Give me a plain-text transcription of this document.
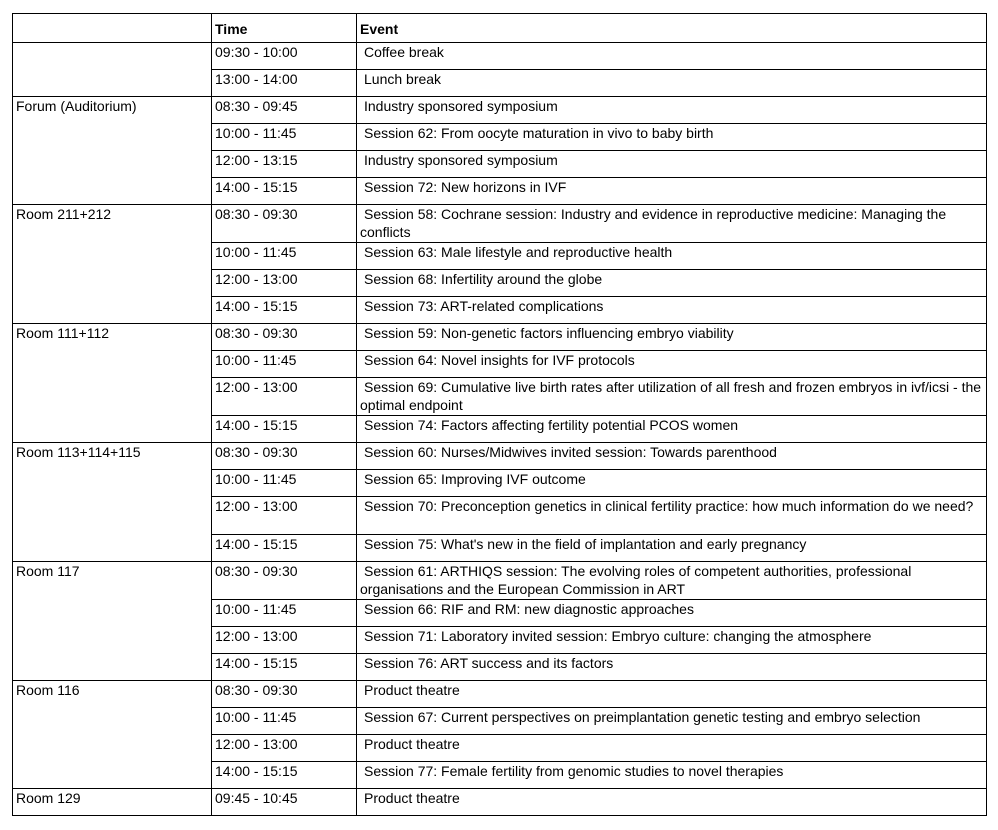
	Time	Event
	09:30 - 10:00	Coffee break
	13:00 - 14:00	Lunch break
Forum (Auditorium)	08:30 - 09:45	Industry sponsored symposium
	10:00 - 11:45	Session 62: From oocyte maturation in vivo to baby birth
	12:00 - 13:15	Industry sponsored symposium
	14:00 - 15:15	Session 72: New horizons in IVF
Room 211+212	08:30 - 09:30	Session 58: Cochrane session: Industry and evidence in reproductive medicine: Managing the conflicts
	10:00 - 11:45	Session 63: Male lifestyle and reproductive health
	12:00 - 13:00	Session 68: Infertility around the globe
	14:00 - 15:15	Session 73: ART-related complications
Room 111+112	08:30 - 09:30	Session 59: Non-genetic factors influencing embryo viability
	10:00 - 11:45	Session 64: Novel insights for IVF protocols
	12:00 - 13:00	Session 69: Cumulative live birth rates after utilization of all fresh and frozen embryos in ivf/icsi - the optimal endpoint
	14:00 - 15:15	Session 74: Factors affecting fertility potential PCOS women
Room 113+114+115	08:30 - 09:30	Session 60: Nurses/Midwives invited session: Towards parenthood
	10:00 - 11:45	Session 65: Improving IVF outcome
	12:00 - 13:00	Session 70: Preconception genetics in clinical fertility practice: how much information do we need?
	14:00 - 15:15	Session 75: What's new in the field of implantation and early pregnancy
Room 117	08:30 - 09:30	Session 61: ARTHIQS session: The evolving roles of competent authorities, professional organisations and the European Commission in ART
	10:00 - 11:45	Session 66: RIF and RM: new diagnostic approaches
	12:00 - 13:00	Session 71: Laboratory invited session: Embryo culture: changing the atmosphere
	14:00 - 15:15	Session 76: ART success and its factors
Room 116	08:30 - 09:30	Product theatre
	10:00 - 11:45	Session 67: Current perspectives on preimplantation genetic testing and embryo selection
	12:00 - 13:00	Product theatre
	14:00 - 15:15	Session 77: Female fertility from genomic studies to novel therapies
Room 129	09:45 - 10:45	Product theatre
